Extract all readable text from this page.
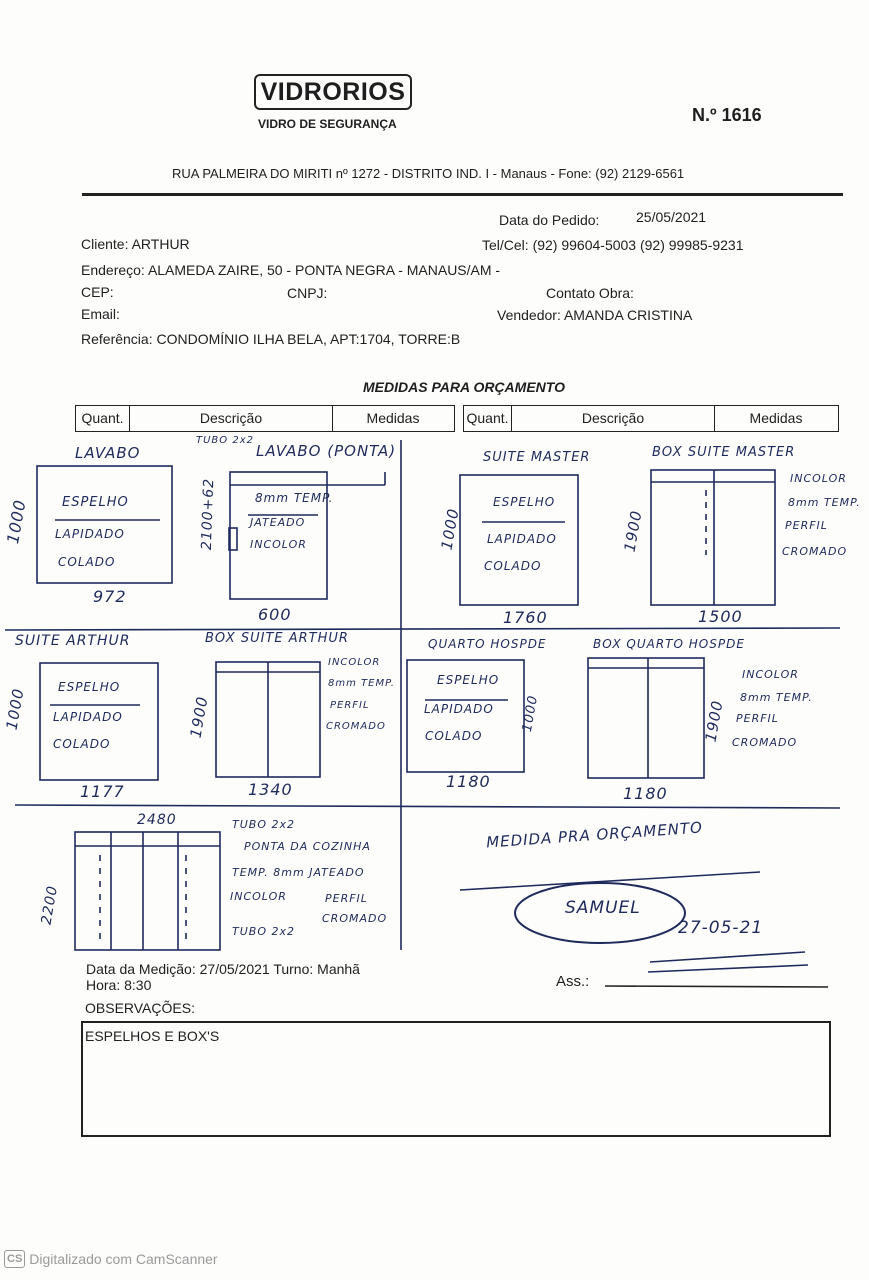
VIDRORIOS
VIDRO DE SEGURANÇA	N.º 1616
RUA PALMEIRA DO MIRITI nº 1272 - DISTRITO IND. I - Manaus - Fone: (92) 2129-6561
Data do Pedido:	25/05/2021
Cliente: ARTHUR	Tel/Cel: (92) 99604-5003 (92) 99985-9231
Endereço: ALAMEDA ZAIRE, 50 - PONTA NEGRA - MANAUS/AM -
CEP:	CNPJ:	Contato Obra:
Email:	Vendedor: AMANDA CRISTINA
Referência: CONDOMÍNIO ILHA BELA, APT:1704, TORRE:B
MEDIDAS PARA ORÇAMENTO
Quant.	Descrição	Medidas	Quant.	Descrição	Medidas
LAVABO
ESPELHO
LAPIDADO
COLADO
1000
972
TUBO 2x2
LAVABO (PONTA)
8mm TEMP.
JATEADO
INCOLOR
2100+62
600
SUITE MASTER
ESPELHO
LAPIDADO
COLADO
1000
1760
BOX SUITE MASTER
INCOLOR
8mm TEMP.
PERFIL
CROMADO
1900
1500
SUITE ARTHUR
ESPELHO
LAPIDADO
COLADO
1000
1177
BOX SUITE ARTHUR
INCOLOR
8mm TEMP.
PERFIL
CROMADO
1900
1340
QUARTO HOSPDE
ESPELHO
LAPIDADO
COLADO
1000
1180
BOX QUARTO HOSPDE
INCOLOR
8mm TEMP.
PERFIL
CROMADO
1900
1180
2480
2200
TUBO 2x2
PONTA DA COZINHA
TEMP. 8mm JATEADO
INCOLOR	PERFIL
CROMADO
TUBO 2x2
MEDIDA PRA ORÇAMENTO
SAMUEL
27-05-21
Data da Medição: 27/05/2021 Turno: Manhã
Hora: 8:30	Ass.:
OBSERVAÇÕES:
ESPELHOS E BOX'S
CS Digitalizado com CamScanner
